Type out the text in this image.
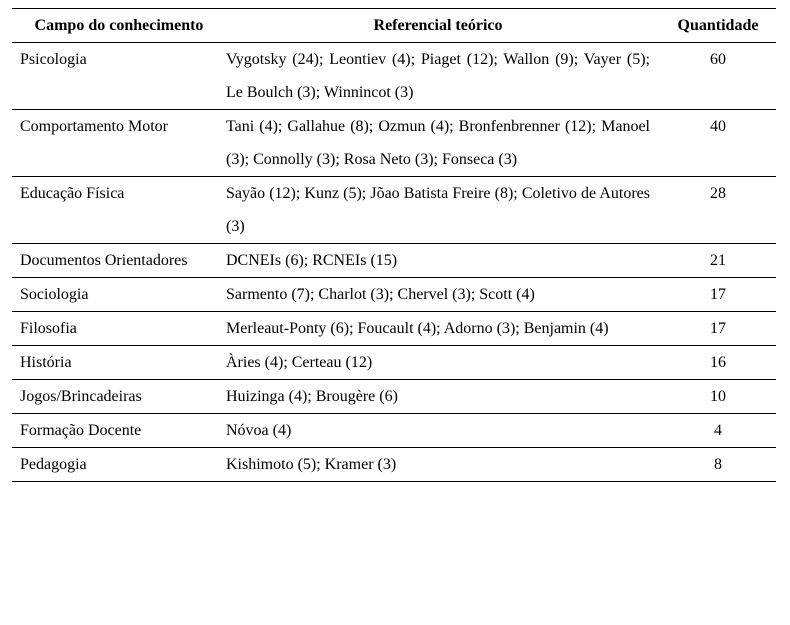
Campo do conhecimento	Referencial teórico	Quantidade
Psicologia	Vygotsky (24); Leontiev (4); Piaget (12); Wallon (9); Vayer (5); Le Boulch (3); Winnincot (3)	60
Comportamento Motor	Tani (4); Gallahue (8); Ozmun (4); Bronfenbrenner (12); Manoel (3); Connolly (3); Rosa Neto (3); Fonseca (3)	40
Educação Física	Sayão (12); Kunz (5); Jõao Batista Freire (8); Coletivo de Autores (3)	28
Documentos Orientadores	DCNEIs (6); RCNEIs (15)	21
Sociologia	Sarmento (7); Charlot (3); Chervel (3); Scott (4)	17
Filosofia	Merleaut-Ponty (6); Foucault (4); Adorno (3); Benjamin (4)	17
História	Àries (4); Certeau (12)	16
Jogos/Brincadeiras	Huizinga (4); Brougère (6)	10
Formação Docente	Nóvoa (4)	4
Pedagogia	Kishimoto (5); Kramer (3)	8
